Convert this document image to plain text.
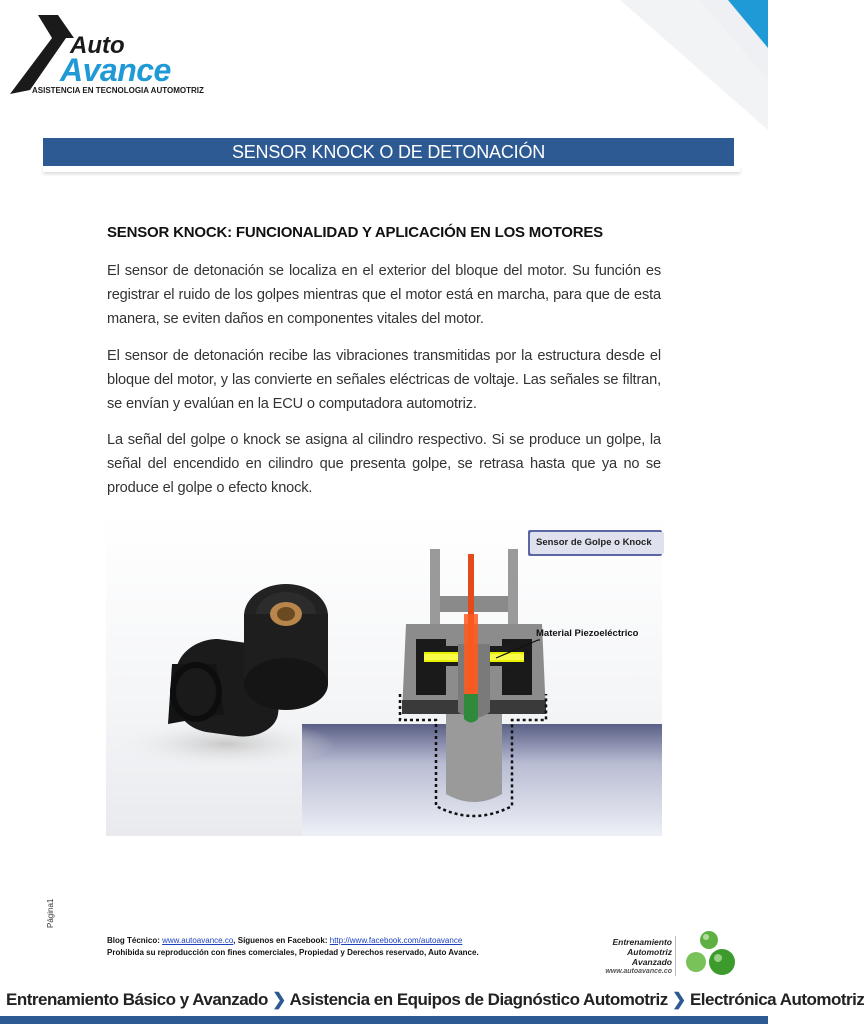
Auto
Avance
ASISTENCIA EN TECNOLOGIA AUTOMOTRIZ
SENSOR KNOCK O DE DETONACIÓN
SENSOR KNOCK: FUNCIONALIDAD Y APLICACIÓN EN LOS MOTORES
El sensor de detonación se localiza en el exterior del bloque del motor. Su función es registrar el ruido de los golpes mientras que el motor está en marcha, para que de esta manera, se eviten daños en componentes vitales del motor.
El sensor de detonación recibe las vibraciones transmitidas por la estructura desde el bloque del motor, y las convierte en señales eléctricas de voltaje. Las señales se filtran, se envían y evalúan en la ECU o computadora automotriz.
La señal del golpe o knock se asigna al cilindro respectivo. Si se produce un golpe, la señal del encendido en cilindro que presenta golpe, se retrasa hasta que ya no se produce el golpe o efecto knock.
Sensor de Golpe o Knock
Material Piezoeléctrico
Página1
Blog Técnico: www.autoavance.co, Síguenos en Facebook: http://www.facebook.com/autoavance
Prohibida su reproducción con fines comerciales, Propiedad y Derechos reservado, Auto Avance.
Entrenamiento
Automotriz
Avanzado
www.autoavance.co
Entrenamiento Básico y Avanzado ❯ Asistencia en Equipos de Diagnóstico Automotriz ❯ Electrónica Automotriz
